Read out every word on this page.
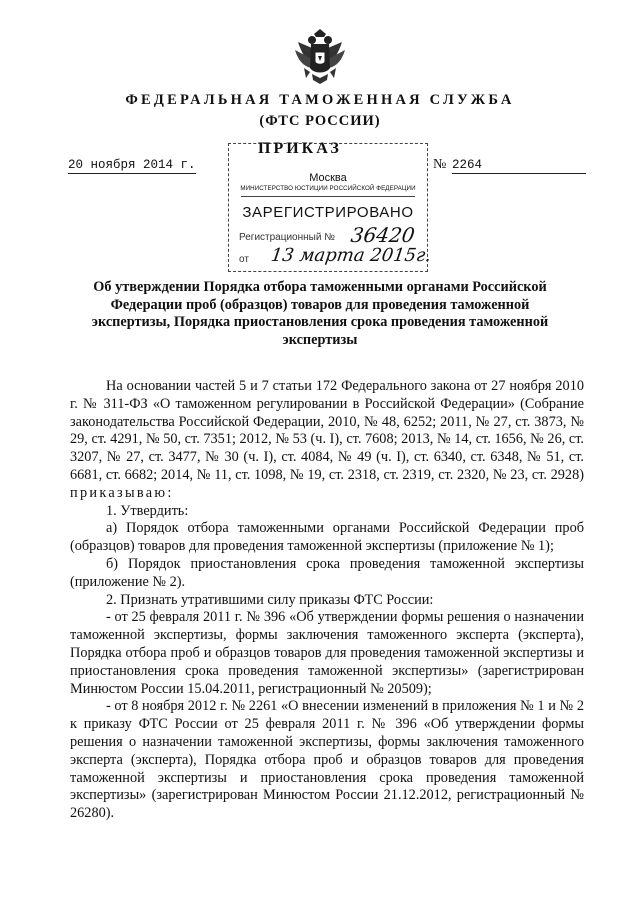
ФЕДЕРАЛЬНАЯ ТАМОЖЕННАЯ СЛУЖБА
(ФТС РОССИИ)
Москва
МИНИСТЕРСТВО ЮСТИЦИИ РОССИЙСКОЙ ФЕДЕРАЦИИ
ЗАРЕГИСТРИРОВАНО
Регистрационный № 36420
от 13 марта 2015г.
ПРИКАЗ
20 ноября 2014 г.	№ 2264
Об утверждении Порядка отбора таможенными органами Российской Федерации проб (образцов) товаров для проведения таможенной экспертизы, Порядка приостановления срока проведения таможенной экспертизы

На основании частей 5 и 7 статьи 172 Федерального закона от 27 ноября 2010 г. № 311-ФЗ «О таможенном регулировании в Российской Федерации» (Собрание законодательства Российской Федерации, 2010, № 48, 6252; 2011, № 27, ст. 3873, № 29, ст. 4291, № 50, ст. 7351; 2012, № 53 (ч. I), ст. 7608; 2013, № 14, ст. 1656, № 26, ст. 3207, № 27, ст. 3477, № 30 (ч. I), ст. 4084, № 49 (ч. I), ст. 6340, ст. 6348, № 51, ст. 6681, ст. 6682; 2014, № 11, ст. 1098, № 19, ст. 2318, ст. 2319, ст. 2320, № 23, ст. 2928) приказываю:

1. Утвердить:

а) Порядок отбора таможенными органами Российской Федерации проб (образцов) товаров для проведения таможенной экспертизы (приложение № 1);

б) Порядок приостановления срока проведения таможенной экспертизы (приложение № 2).

2. Признать утратившими силу приказы ФТС России:

- от 25 февраля 2011 г. № 396 «Об утверждении формы решения о назначении таможенной экспертизы, формы заключения таможенного эксперта (эксперта), Порядка отбора проб и образцов товаров для проведения таможенной экспертизы и приостановления срока проведения таможенной экспертизы» (зарегистрирован Минюстом России 15.04.2011, регистрационный № 20509);

- от 8 ноября 2012 г. № 2261 «О внесении изменений в приложения № 1 и № 2 к приказу ФТС России от 25 февраля 2011 г. № 396 «Об утверждении формы решения о назначении таможенной экспертизы, формы заключения таможенного эксперта (эксперта), Порядка отбора проб и образцов товаров для проведения таможенной экспертизы и приостановления срока проведения таможенной экспертизы» (зарегистрирован Минюстом России 21.12.2012, регистрационный № 26280).
